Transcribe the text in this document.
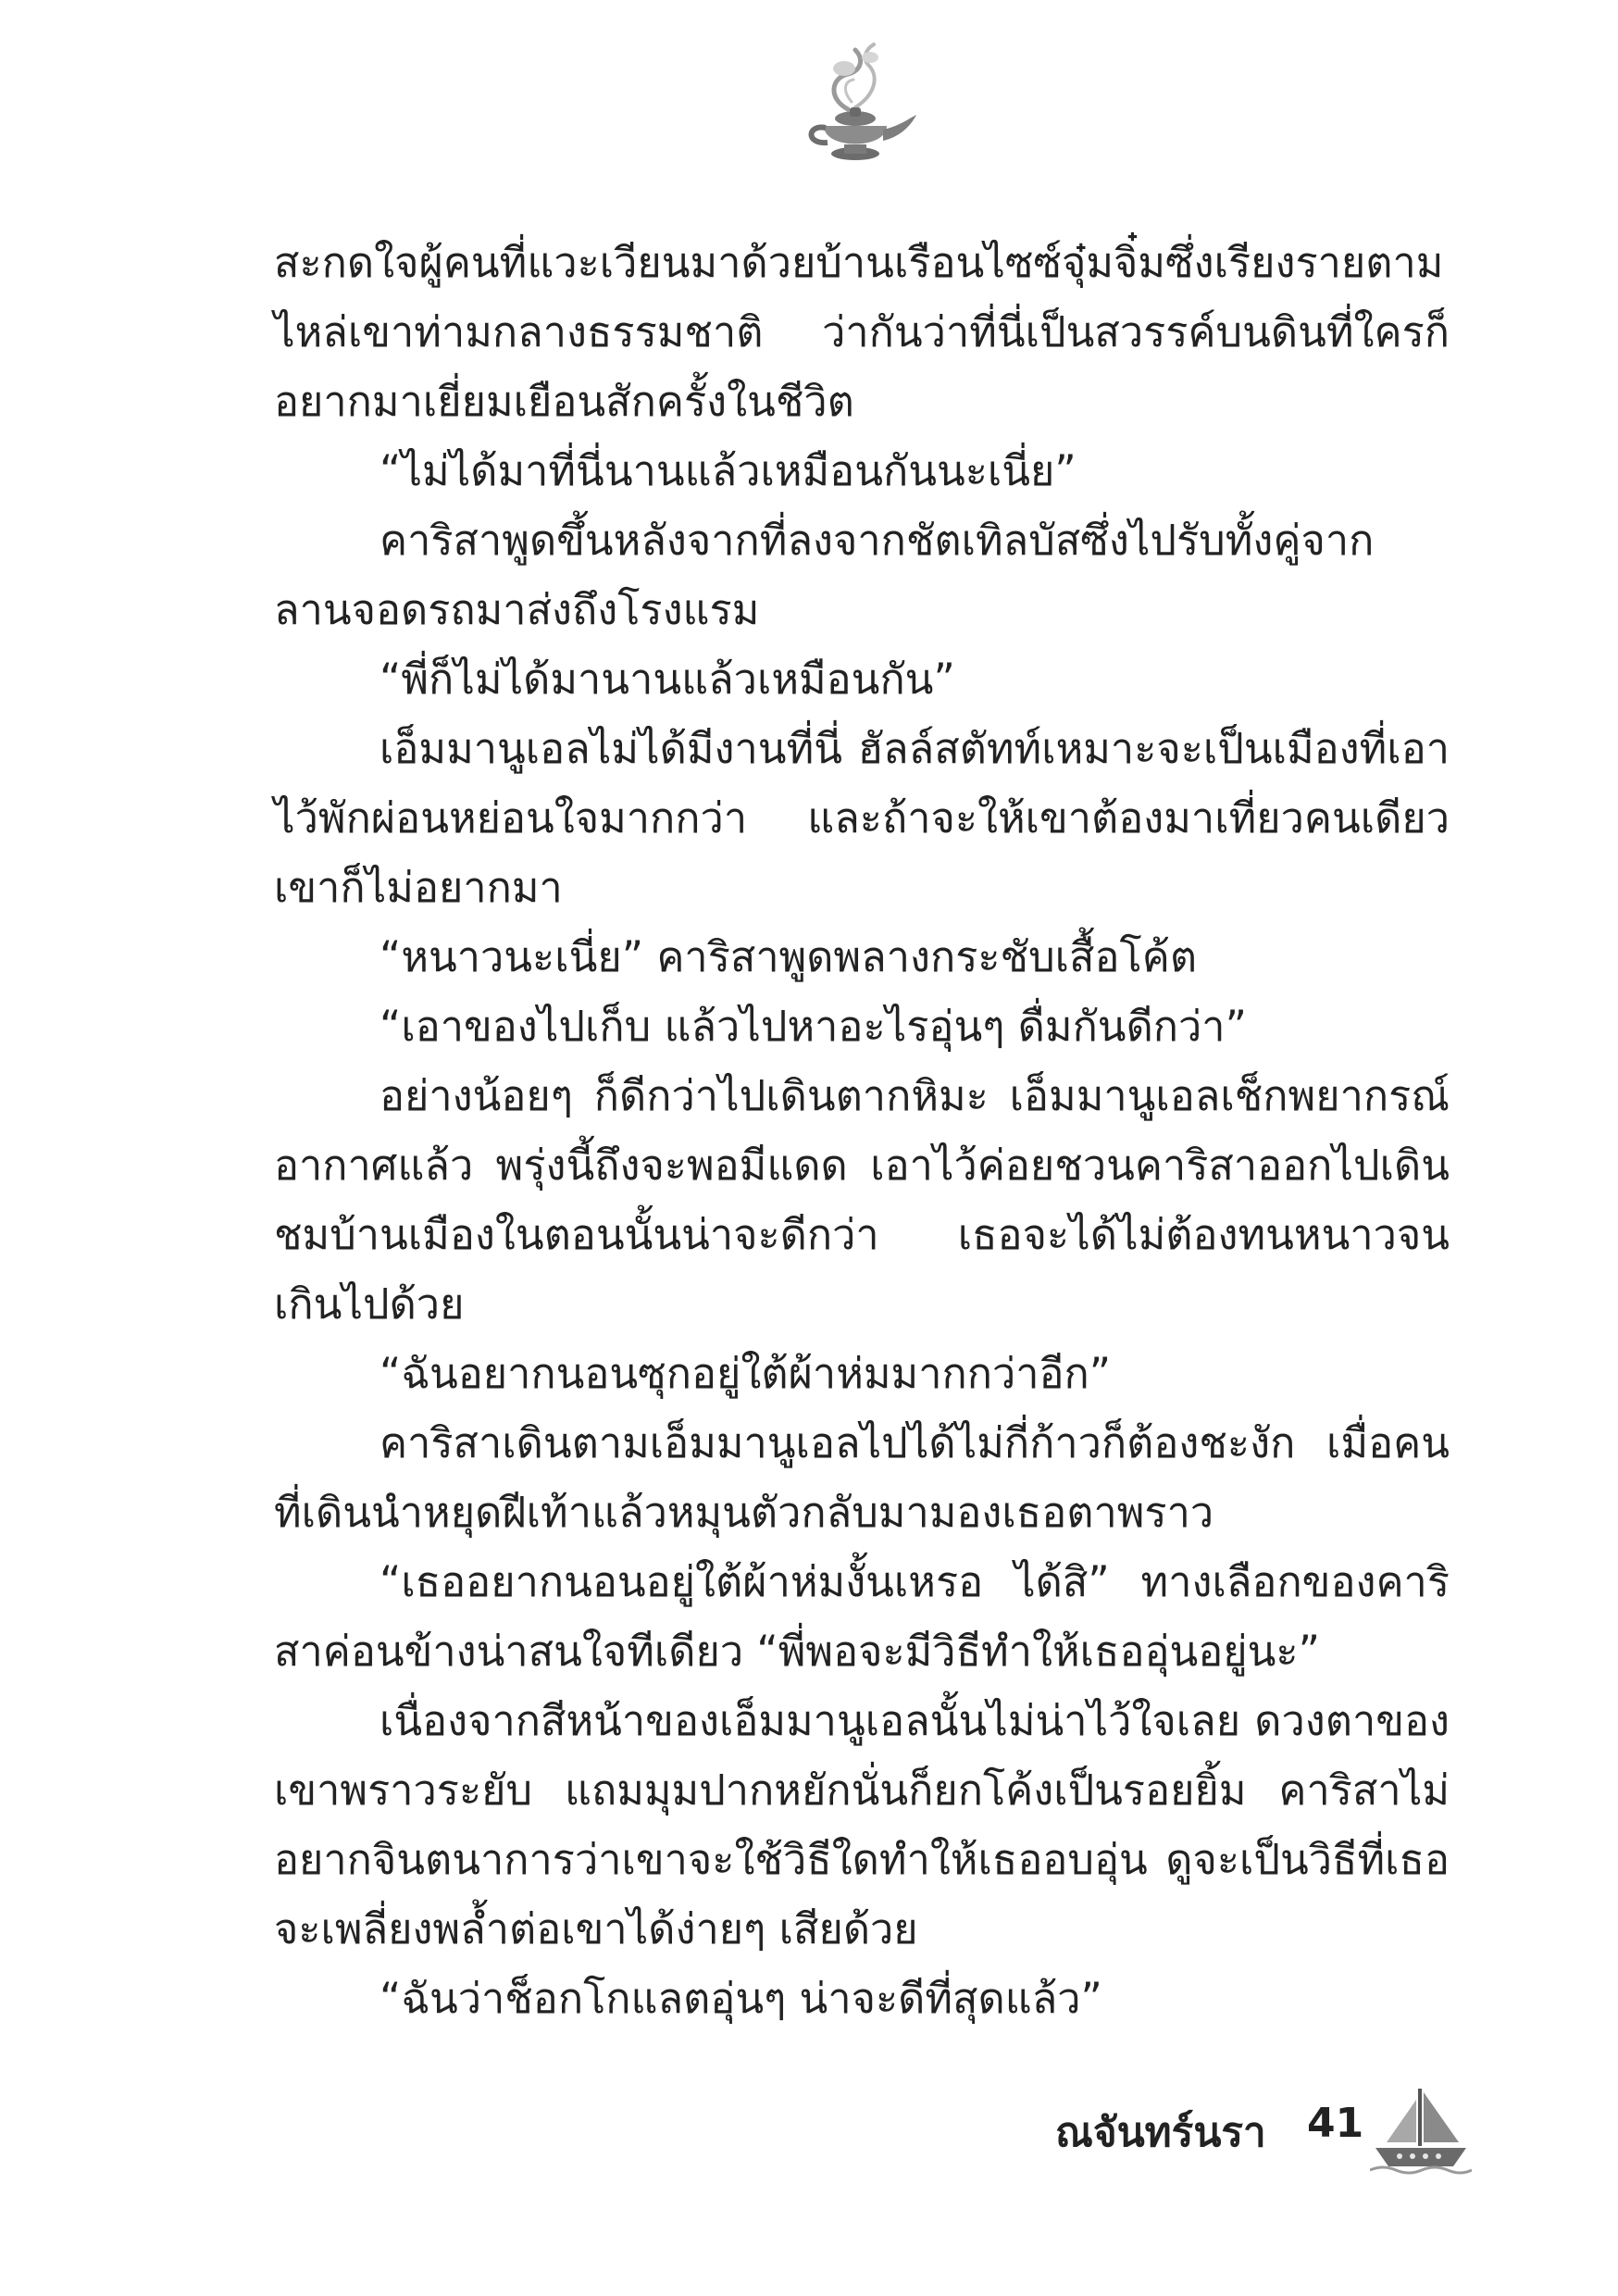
สะกดใจผู้คนที่แวะเวียนมาด้วยบ้านเรือนไซซ์จุ๋มจิ๋มซึ่งเรียงรายตามไหล่เขาท่ามกลางธรรมชาติ ว่ากันว่าที่นี่เป็นสวรรค์บนดินที่ใครก็อยากมาเยี่ยมเยือนสักครั้งในชีวิต

“ไม่ได้มาที่นี่นานแล้วเหมือนกันนะเนี่ย”

คาริสาพูดขึ้นหลังจากที่ลงจากชัตเทิลบัสซึ่งไปรับทั้งคู่จากลานจอดรถมาส่งถึงโรงแรม

“พี่ก็ไม่ได้มานานแล้วเหมือนกัน”

เอ็มมานูเอลไม่ได้มีงานที่นี่ ฮัลล์สตัทท์เหมาะจะเป็นเมืองที่เอาไว้พักผ่อนหย่อนใจมากกว่า และถ้าจะให้เขาต้องมาเที่ยวคนเดียว เขาก็ไม่อยากมา

“หนาวนะเนี่ย” คาริสาพูดพลางกระชับเสื้อโค้ต

“เอาของไปเก็บ แล้วไปหาอะไรอุ่นๆ ดื่มกันดีกว่า”

อย่างน้อยๆ ก็ดีกว่าไปเดินตากหิมะ เอ็มมานูเอลเช็กพยากรณ์อากาศแล้ว พรุ่งนี้ถึงจะพอมีแดด เอาไว้ค่อยชวนคาริสาออกไปเดินชมบ้านเมืองในตอนนั้นน่าจะดีกว่า เธอจะได้ไม่ต้องทนหนาวจนเกินไปด้วย

“ฉันอยากนอนซุกอยู่ใต้ผ้าห่มมากกว่าอีก”

คาริสาเดินตามเอ็มมานูเอลไปได้ไม่กี่ก้าวก็ต้องชะงัก เมื่อคนที่เดินนำหยุดฝีเท้าแล้วหมุนตัวกลับมามองเธอตาพราว

“เธออยากนอนอยู่ใต้ผ้าห่มงั้นเหรอ ได้สิ” ทางเลือกของคาริสาค่อนข้างน่าสนใจทีเดียว “พี่พอจะมีวิธีทำให้เธออุ่นอยู่นะ”

เนื่องจากสีหน้าของเอ็มมานูเอลนั้นไม่น่าไว้ใจเลย ดวงตาของเขาพราวระยับ แถมมุมปากหยักนั่นก็ยกโค้งเป็นรอยยิ้ม คาริสาไม่อยากจินตนาการว่าเขาจะใช้วิธีใดทำให้เธออบอุ่น ดูจะเป็นวิธีที่เธอจะเพลี่ยงพล้ำต่อเขาได้ง่ายๆ เสียด้วย

“ฉันว่าช็อกโกแลตอุ่นๆ น่าจะดีที่สุดแล้ว”

ณจันทร์นรา 41
